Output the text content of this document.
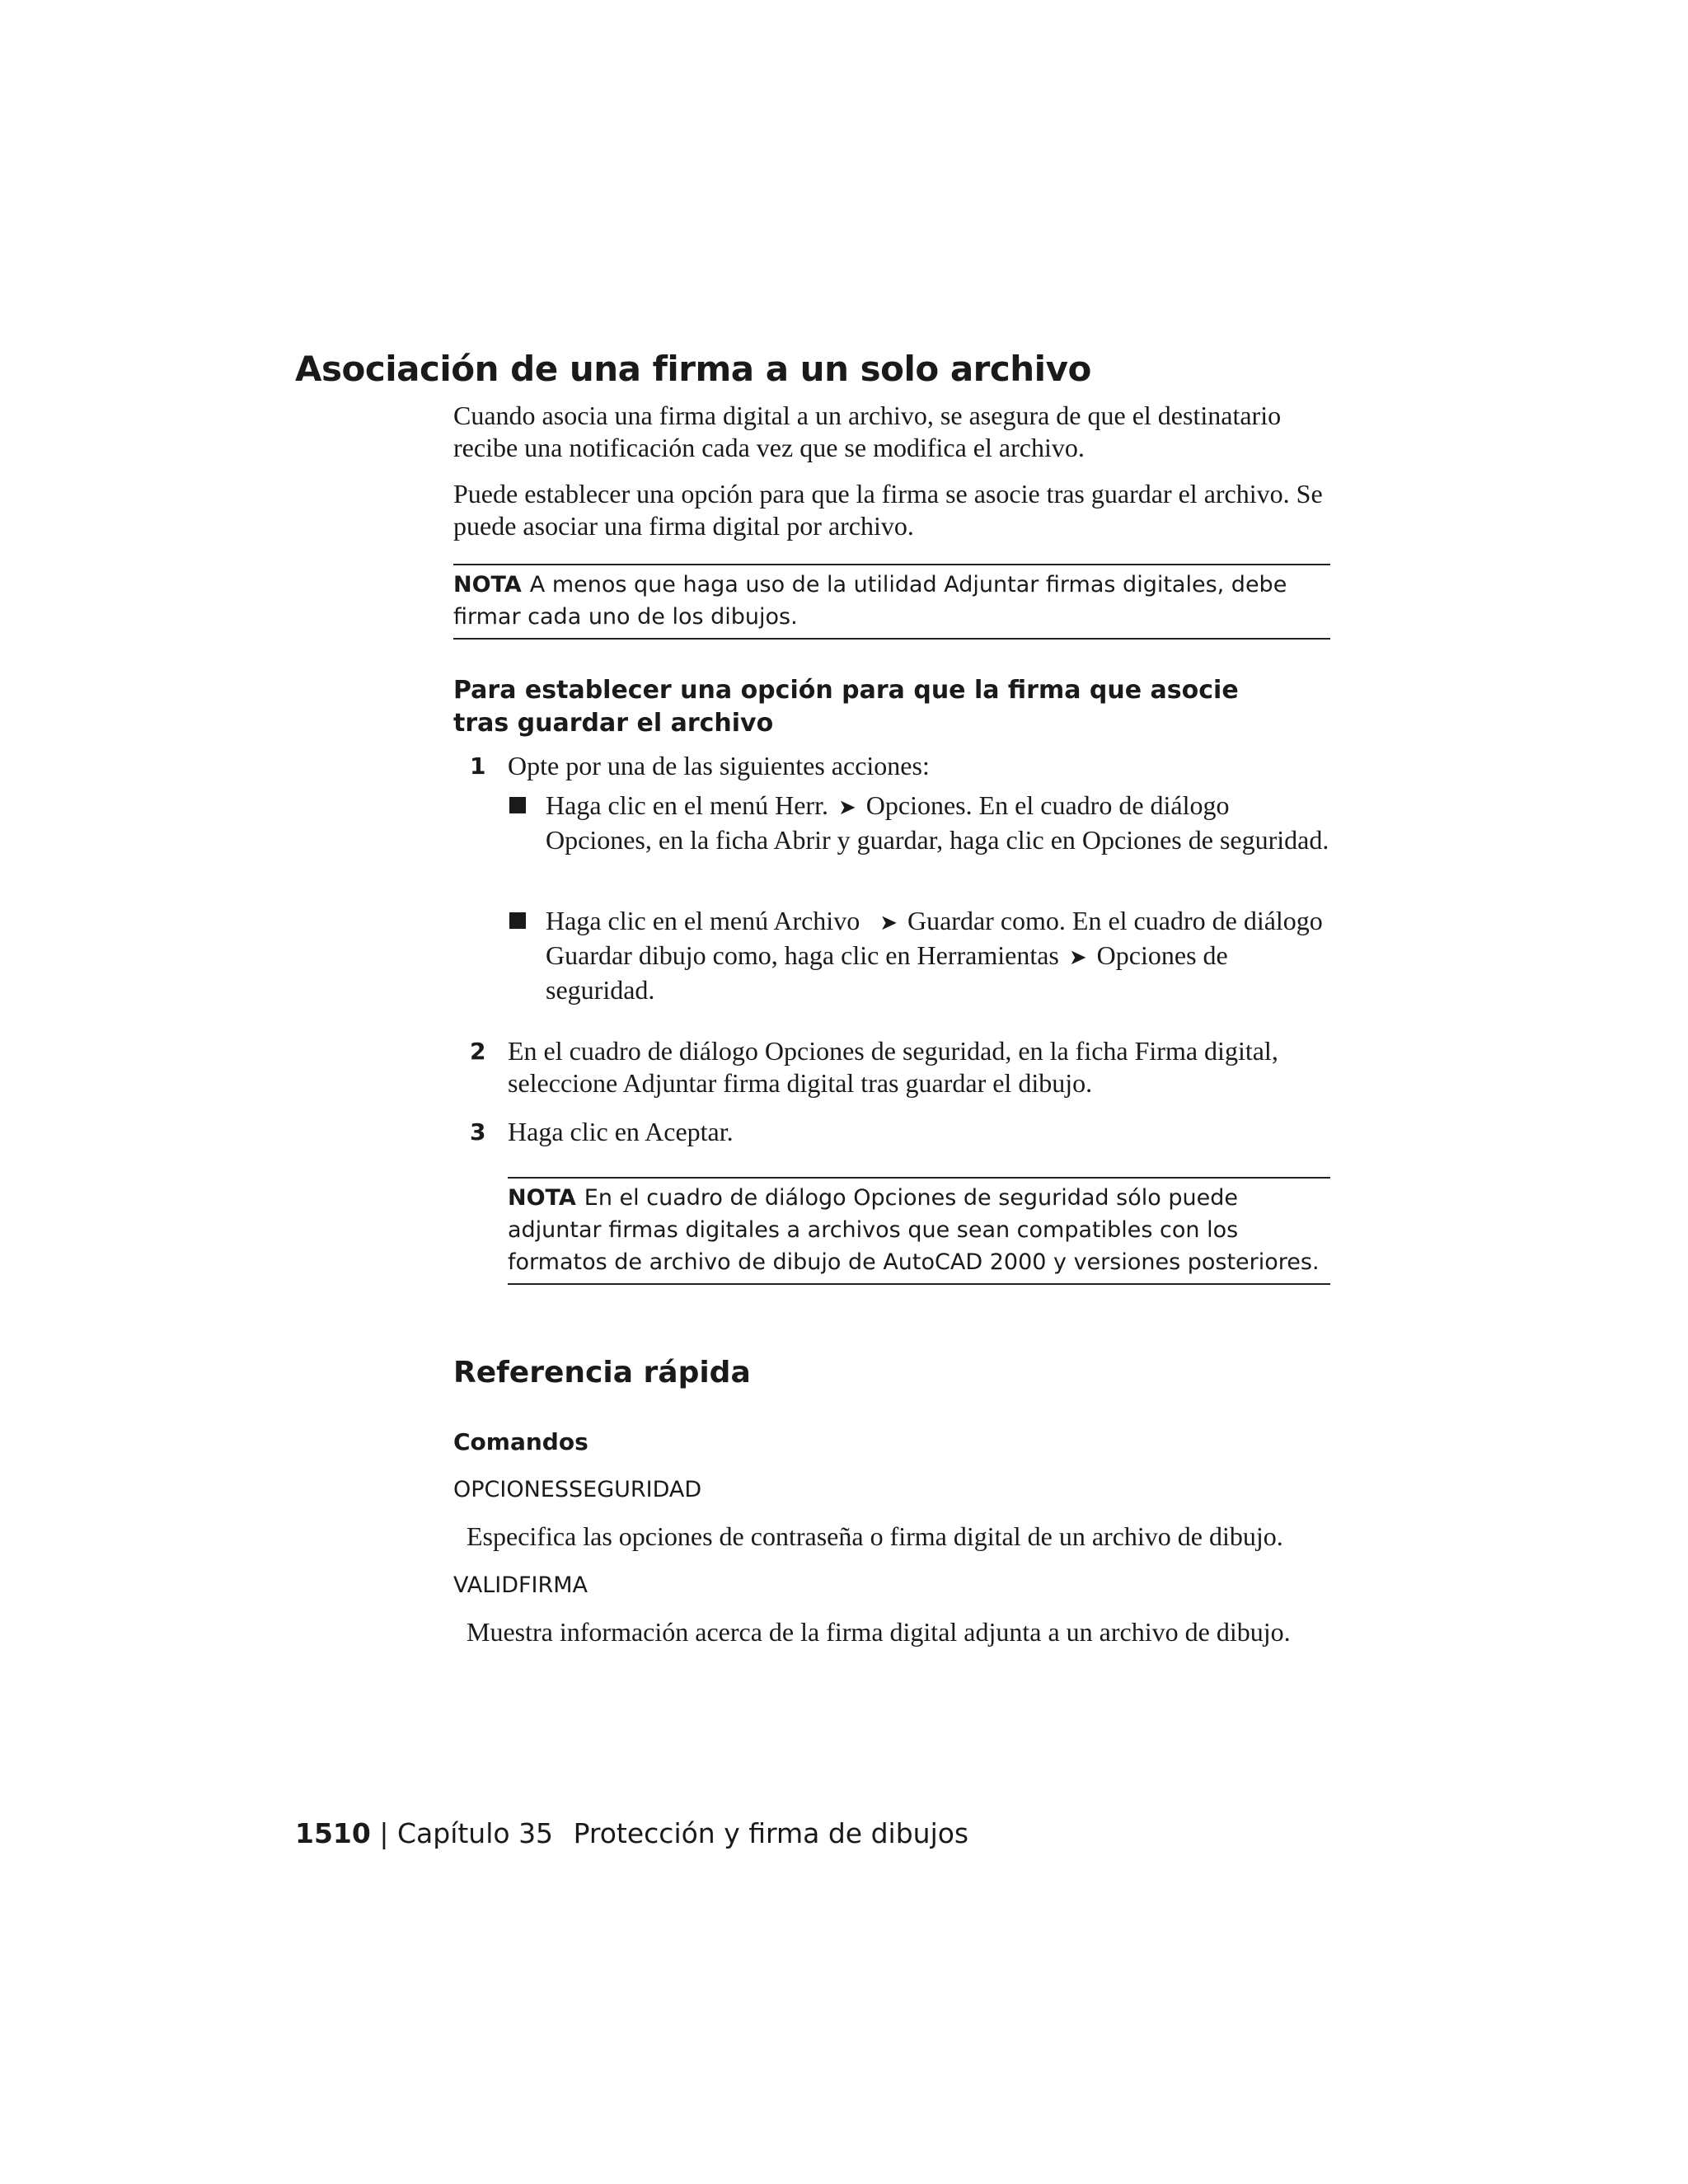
Asociación de una firma a un solo archivo

Cuando asocia una firma digital a un archivo, se asegura de que el destinatario recibe una notificación cada vez que se modifica el archivo.

Puede establecer una opción para que la firma se asocie tras guardar el archivo. Se puede asociar una firma digital por archivo.

NOTA A menos que haga uso de la utilidad Adjuntar firmas digitales, debe firmar cada uno de los dibujos.

Para establecer una opción para que la firma que asocie tras guardar el archivo

1 Opte por una de las siguientes acciones:
Haga clic en el menú Herr. ➤ Opciones. En el cuadro de diálogo Opciones, en la ficha Abrir y guardar, haga clic en Opciones de seguridad.
Haga clic en el menú Archivo ➤ Guardar como. En el cuadro de diálogo Guardar dibujo como, haga clic en Herramientas ➤ Opciones de seguridad.
2 En el cuadro de diálogo Opciones de seguridad, en la ficha Firma digital, seleccione Adjuntar firma digital tras guardar el dibujo.
3 Haga clic en Aceptar.
NOTA En el cuadro de diálogo Opciones de seguridad sólo puede adjuntar firmas digitales a archivos que sean compatibles con los formatos de archivo de dibujo de AutoCAD 2000 y versiones posteriores.
Referencia rápida

Comandos

OPCIONESSEGURIDAD

Especifica las opciones de contraseña o firma digital de un archivo de dibujo.

VALIDFIRMA

Muestra información acerca de la firma digital adjunta a un archivo de dibujo.

1510 | Capítulo 35 Protección y firma de dibujos
